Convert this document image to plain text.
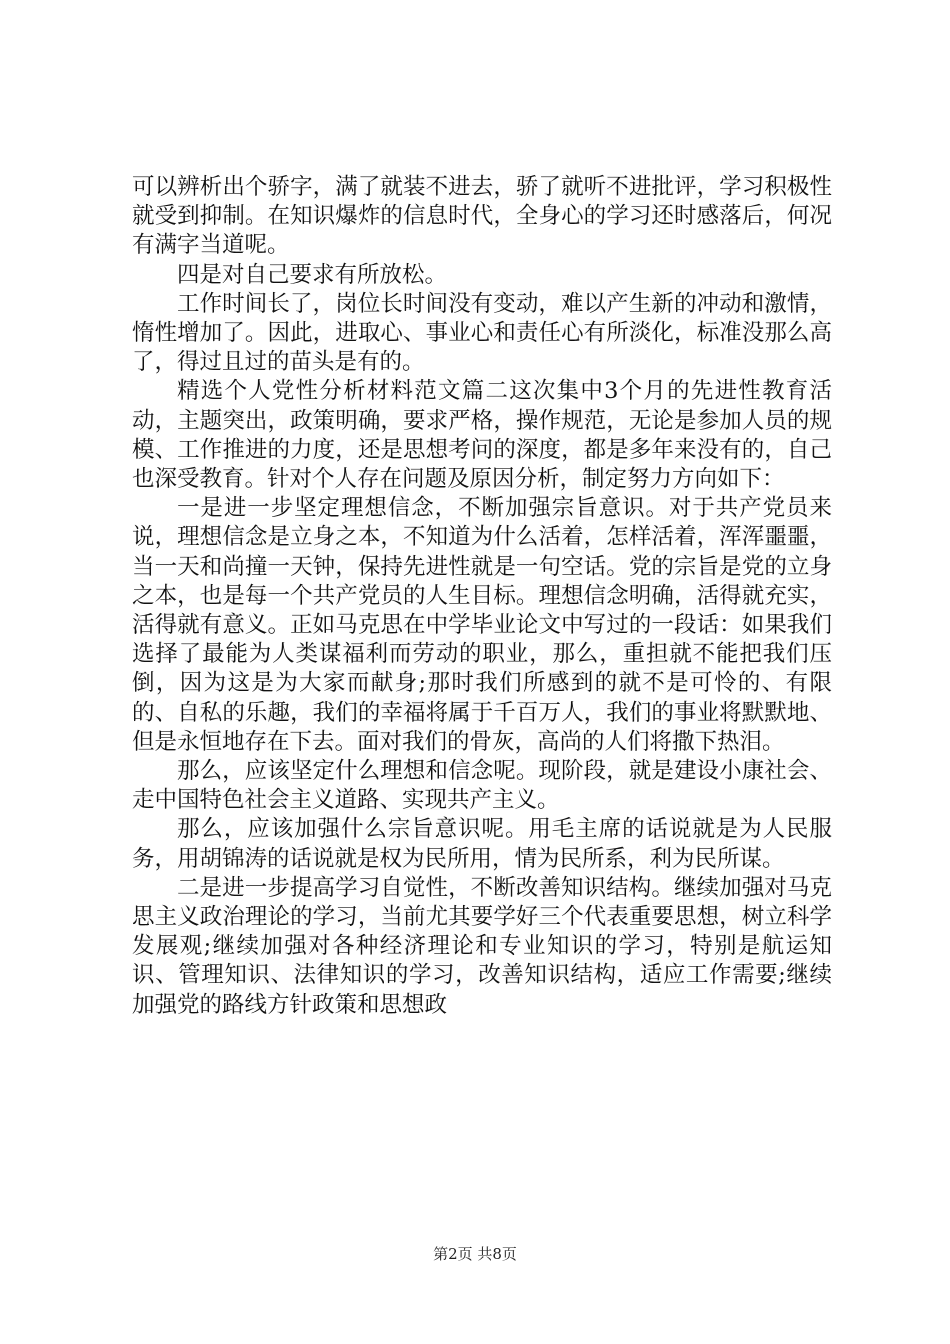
可以辨析出个骄字，满了就装不进去，骄了就听不进批评，学习积极性就受到抑制。在知识爆炸的信息时代，全身心的学习还时感落后，何况有满字当道呢。

四是对自己要求有所放松。

工作时间长了，岗位长时间没有变动，难以产生新的冲动和激情，惰性增加了。因此，进取心、事业心和责任心有所淡化，标准没那么高了，得过且过的苗头是有的。

精选个人党性分析材料范文篇二这次集中3个月的先进性教育活动，主题突出，政策明确，要求严格，操作规范，无论是参加人员的规模、工作推进的力度，还是思想考问的深度，都是多年来没有的，自己也深受教育。针对个人存在问题及原因分析，制定努力方向如下：

一是进一步坚定理想信念，不断加强宗旨意识。对于共产党员来说，理想信念是立身之本，不知道为什么活着，怎样活着，浑浑噩噩，当一天和尚撞一天钟，保持先进性就是一句空话。党的宗旨是党的立身之本，也是每一个共产党员的人生目标。理想信念明确，活得就充实，活得就有意义。正如马克思在中学毕业论文中写过的一段话：如果我们选择了最能为人类谋福利而劳动的职业，那么，重担就不能把我们压倒，因为这是为大家而献身;那时我们所感到的就不是可怜的、有限的、自私的乐趣，我们的幸福将属于千百万人，我们的事业将默默地、但是永恒地存在下去。面对我们的骨灰，高尚的人们将撒下热泪。

那么，应该坚定什么理想和信念呢。现阶段，就是建设小康社会、走中国特色社会主义道路、实现共产主义。

那么，应该加强什么宗旨意识呢。用毛主席的话说就是为人民服务，用胡锦涛的话说就是权为民所用，情为民所系，利为民所谋。

二是进一步提高学习自觉性，不断改善知识结构。继续加强对马克思主义政治理论的学习，当前尤其要学好三个代表重要思想，树立科学发展观;继续加强对各种经济理论和专业知识的学习，特别是航运知识、管理知识、法律知识的学习，改善知识结构，适应工作需要;继续加强党的路线方针政策和思想政

第2页 共8页
